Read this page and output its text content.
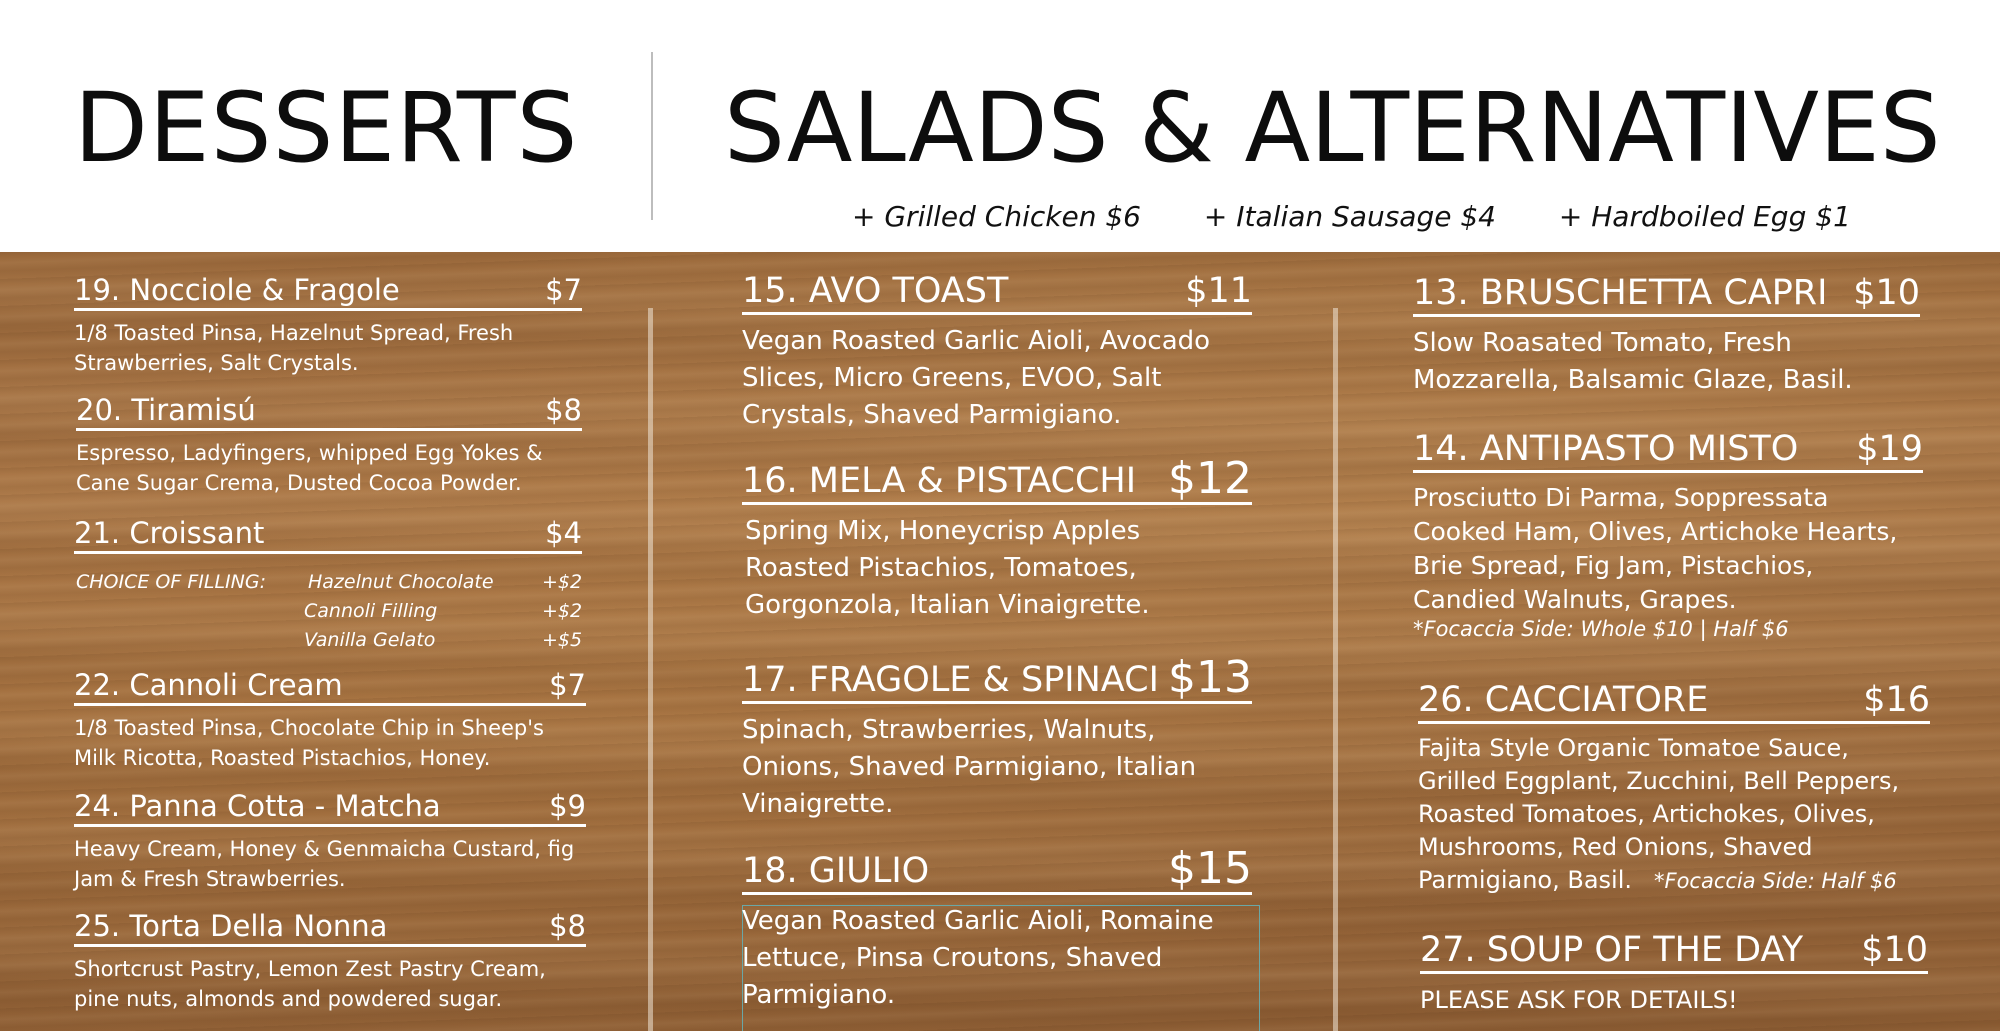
DESSERTS SALADS & ALTERNATIVES
+ Grilled Chicken $6 + Italian Sausage $4 + Hardboiled Egg $1
19. Nocciole & Fragole	$7
1/8 Toasted Pinsa, Hazelnut Spread, Fresh Strawberries, Salt Crystals.
20. Tiramisú	$8
Espresso, Ladyfingers, whipped Egg Yokes & Cane Sugar Crema, Dusted Cocoa Powder.
21. Croissant	$4
CHOICE OF FILLING: Hazelnut Chocolate	+$2
Cannoli Filling	+$2
Vanilla Gelato	+$5
22. Cannoli Cream	$7
1/8 Toasted Pinsa, Chocolate Chip in Sheep's Milk Ricotta, Roasted Pistachios, Honey.
24. Panna Cotta - Matcha	$9
Heavy Cream, Honey & Genmaicha Custard, fig Jam & Fresh Strawberries.
25. Torta Della Nonna	$8
Shortcrust Pastry, Lemon Zest Pastry Cream, pine nuts, almonds and powdered sugar.
15. AVO TOAST	$11
Vegan Roasted Garlic Aioli, Avocado Slices, Micro Greens, EVOO, Salt Crystals, Shaved Parmigiano.
16. MELA & PISTACCHI $12
Spring Mix, Honeycrisp Apples Roasted Pistachios, Tomatoes, Gorgonzola, Italian Vinaigrette.
17. FRAGOLE & SPINACI $13
Spinach, Strawberries, Walnuts, Onions, Shaved Parmigiano, Italian Vinaigrette.
18. GIULIO	$15
Vegan Roasted Garlic Aioli, Romaine Lettuce, Pinsa Croutons, Shaved Parmigiano.
13. BRUSCHETTA CAPRI $10
Slow Roasated Tomato, Fresh Mozzarella, Balsamic Glaze, Basil.
14. ANTIPASTO MISTO $19
Prosciutto Di Parma, Soppressata Cooked Ham, Olives, Artichoke Hearts, Brie Spread, Fig Jam, Pistachios, Candied Walnuts, Grapes.
*Focaccia Side: Whole $10 | Half $6
26. CACCIATORE	$16
Fajita Style Organic Tomatoe Sauce, Grilled Eggplant, Zucchini, Bell Peppers, Roasted Tomatoes, Artichokes, Olives, Mushrooms, Red Onions, Shaved Parmigiano, Basil. *Focaccia Side: Half $6
27. SOUP OF THE DAY $10
PLEASE ASK FOR DETAILS!
